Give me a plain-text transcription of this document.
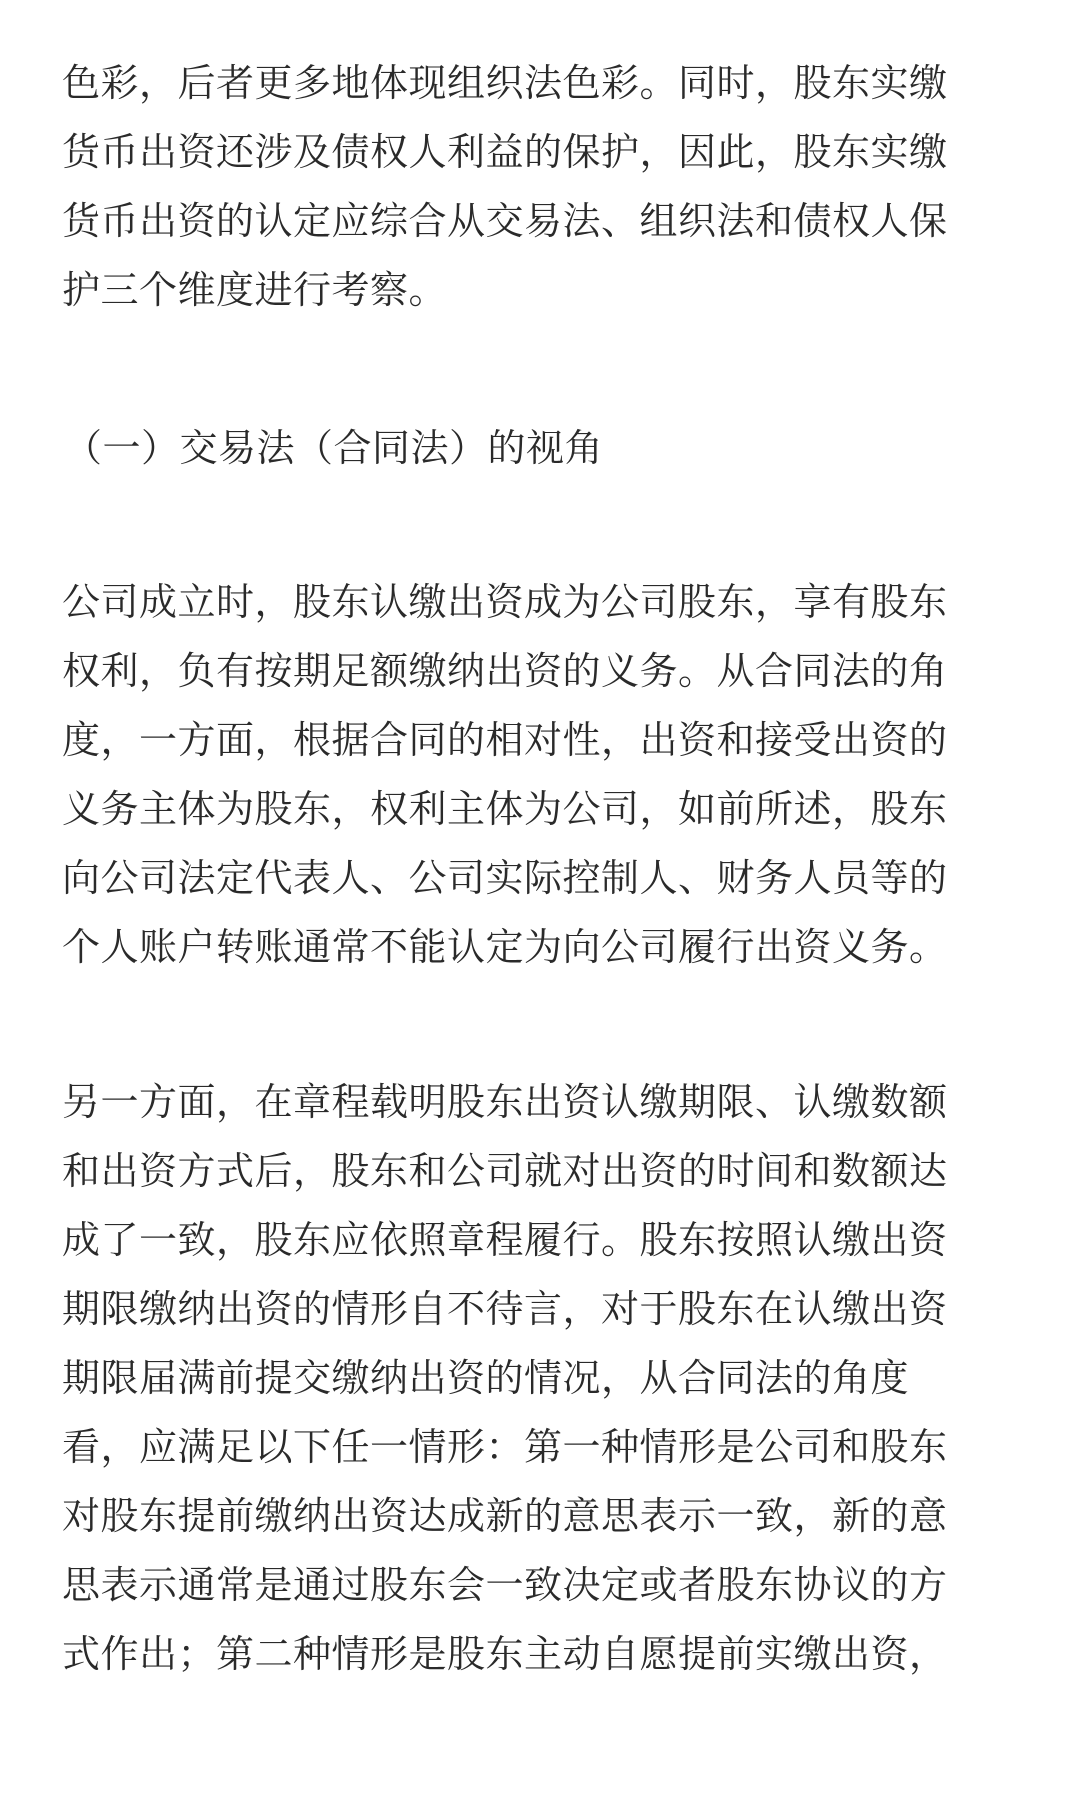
色彩，后者更多地体现组织法色彩。同时，股东实缴
货币出资还涉及债权人利益的保护，因此，股东实缴
货币出资的认定应综合从交易法、组织法和债权人保
护三个维度进行考察。
（一）交易法（合同法）的视角
公司成立时，股东认缴出资成为公司股东，享有股东
权利，负有按期足额缴纳出资的义务。从合同法的角
度，一方面，根据合同的相对性，出资和接受出资的
义务主体为股东，权利主体为公司，如前所述，股东
向公司法定代表人、公司实际控制人、财务人员等的
个人账户转账通常不能认定为向公司履行出资义务。
另一方面，在章程载明股东出资认缴期限、认缴数额
和出资方式后，股东和公司就对出资的时间和数额达
成了一致，股东应依照章程履行。股东按照认缴出资
期限缴纳出资的情形自不待言，对于股东在认缴出资
期限届满前提交缴纳出资的情况，从合同法的角度
看，应满足以下任一情形：第一种情形是公司和股东
对股东提前缴纳出资达成新的意思表示一致，新的意
思表示通常是通过股东会一致决定或者股东协议的方
式作出；第二种情形是股东主动自愿提前实缴出资，
